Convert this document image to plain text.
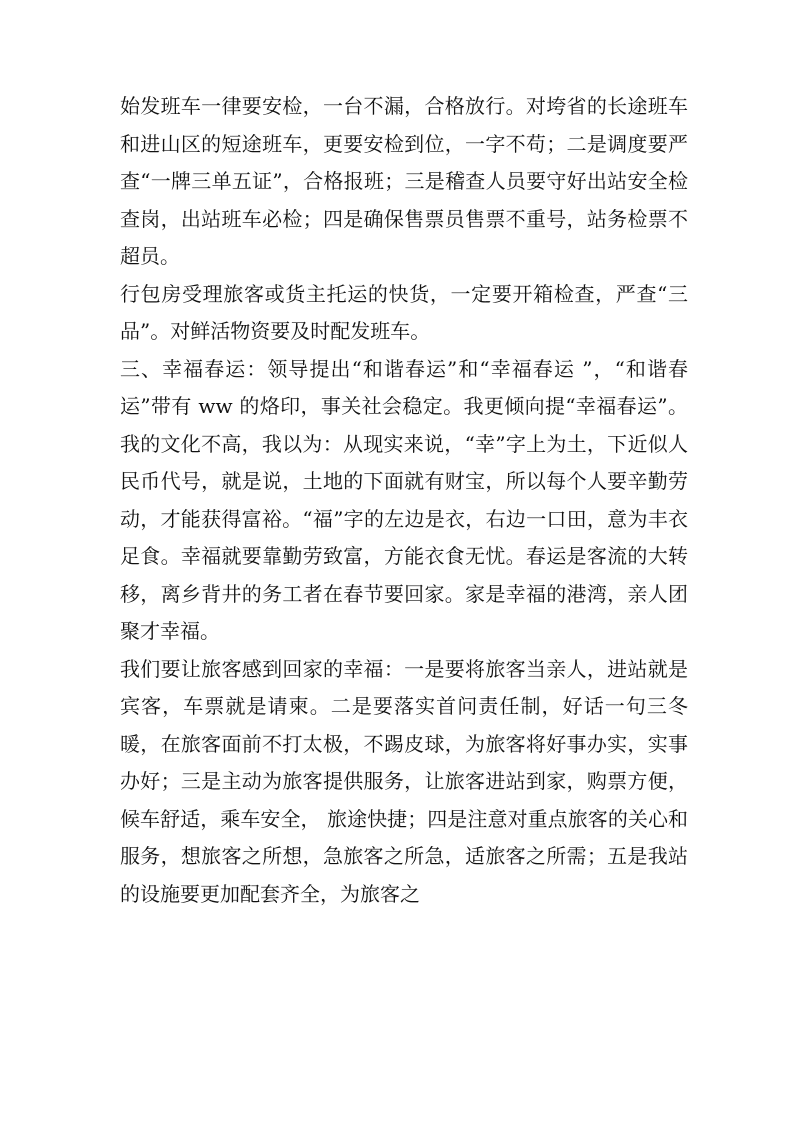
始发班车一律要安检，一台不漏，合格放行。对垮省的长途班车和进山区的短途班车，更要安检到位，一字不苟；二是调度要严查“一牌三单五证”，合格报班；三是稽查人员要守好出站安全检查岗，出站班车必检；四是确保售票员售票不重号，站务检票不超员。

行包房受理旅客或货主托运的快货，一定要开箱检查，严查“三品”。对鲜活物资要及时配发班车。

三、幸福春运：领导提出“和谐春运”和“幸福春运 ”，“和谐春运”带有 ww 的烙印，事关社会稳定。我更倾向提“幸福春运”。我的文化不高，我以为：从现实来说，“幸”字上为土，下近似人民币代号，就是说，土地的下面就有财宝，所以每个人要辛勤劳动，才能获得富裕。“福”字的左边是衣，右边一口田，意为丰衣足食。幸福就要靠勤劳致富，方能衣食无忧。春运是客流的大转移，离乡背井的务工者在春节要回家。家是幸福的港湾，亲人团聚才幸福。

我们要让旅客感到回家的幸福：一是要将旅客当亲人，进站就是宾客，车票就是请柬。二是要落实首问责任制，好话一句三冬暖，在旅客面前不打太极，不踢皮球，为旅客将好事办实，实事办好；三是主动为旅客提供服务，让旅客进站到家，购票方便，候车舒适，乘车安全， 旅途快捷；四是注意对重点旅客的关心和服务，想旅客之所想，急旅客之所急，适旅客之所需；五是我站的设施要更加配套齐全，为旅客之
